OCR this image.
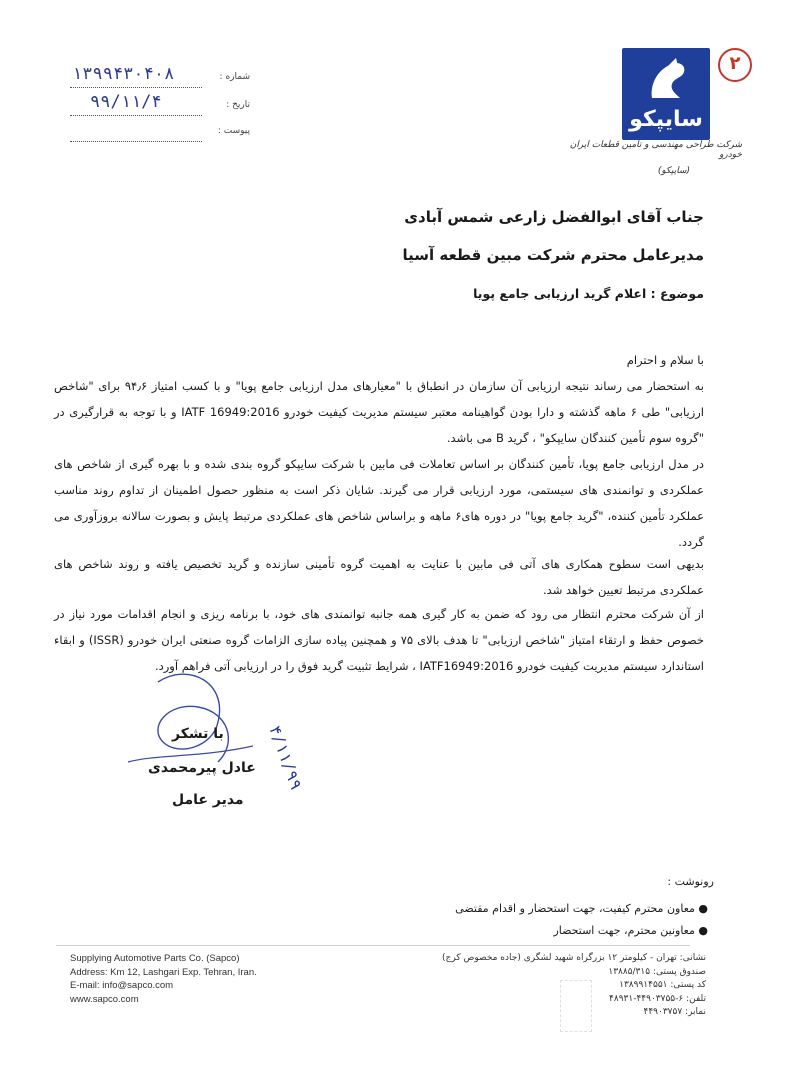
شماره :
۱۳۹۹۴۳۰۴۰۸
تاریخ :
۹۹/۱۱/۴
پیوست :	سایپکو
۲
شرکت طراحی مهندسی و تامین قطعات ایران خودرو
(سایپکو)
جناب آقای ابوالفضل زارعی شمس آبادی
مدیرعامل محترم شرکت مبین قطعه آسیا
موضوع : اعلام گرید ارزیابی جامع پویا
با سلام و احترام
به استحضار می رساند نتیجه ارزیابی آن سازمان در انطباق با "معیارهای مدل ارزیابی جامع پویا" و با کسب امتیاز ۹۴٫۶ برای "شاخص ارزیابی" طی ۶ ماهه گذشته و دارا بودن گواهینامه معتبر سیستم مدیریت کیفیت خودرو IATF 16949:2016 و با توجه به قرارگیری در "گروه سوم تأمین کنندگان سایپکو" ، گرید B می باشد.
در مدل ارزیابی جامع پویا، تأمین کنندگان بر اساس تعاملات فی مابین با شرکت سایپکو گروه بندی شده و با بهره گیری از شاخص های عملکردی و توانمندی های سیستمی، مورد ارزیابی قرار می گیرند. شایان ذکر است به منظور حصول اطمینان از تداوم روند مناسب عملکرد تأمین کننده، "گرید جامع پویا" در دوره های۶ ماهه و براساس شاخص های عملکردی مرتبط پایش و بصورت سالانه بروزآوری می گردد.
بدیهی است سطوح همکاری های آتی فی مابین با عنایت به اهمیت گروه تأمینی سازنده و گرید تخصیص یافته و روند شاخص های عملکردی مرتبط تعیین خواهد شد.
از آن شرکت محترم انتظار می رود که ضمن به کار گیری همه جانبه توانمندی های خود، با برنامه ریزی و انجام اقدامات مورد نیاز در خصوص حفظ و ارتقاء امتیاز "شاخص ارزیابی" تا هدف بالای ۷۵ و همچنین پیاده سازی الزامات گروه صنعتی ایران خودرو (ISSR) و ابقاء استاندارد سیستم مدیریت کیفیت خودرو IATF16949:2016 ، شرایط تثبیت گرید فوق را در ارزیابی آتی فراهم آورد.
با تشکر
عادل پیرمحمدی
مدیر عامل
۴/۱۱/۹۹
رونوشت :
● معاون محترم کیفیت، جهت استحضار و اقدام مقتضی
● معاونین محترم، جهت استحضار
Supplying Automotive Parts Co. (Sapco)
Address: Km 12, Lashgari Exp. Tehran, Iran.
E-mail: info@sapco.com
www.sapco.com
نشانی: تهران - کیلومتر ۱۲ بزرگراه شهید لشگری (جاده مخصوص کرج)
صندوق پستی: ۱۳۸۸۵/۳۱۵
کد پستی: ۱۳۸۹۹۱۴۵۵۱
تلفن: ۶-۴۴۹۰۳۷۵۵-۴۸۹۳۱
نمابر: ۴۴۹۰۳۷۵۷
